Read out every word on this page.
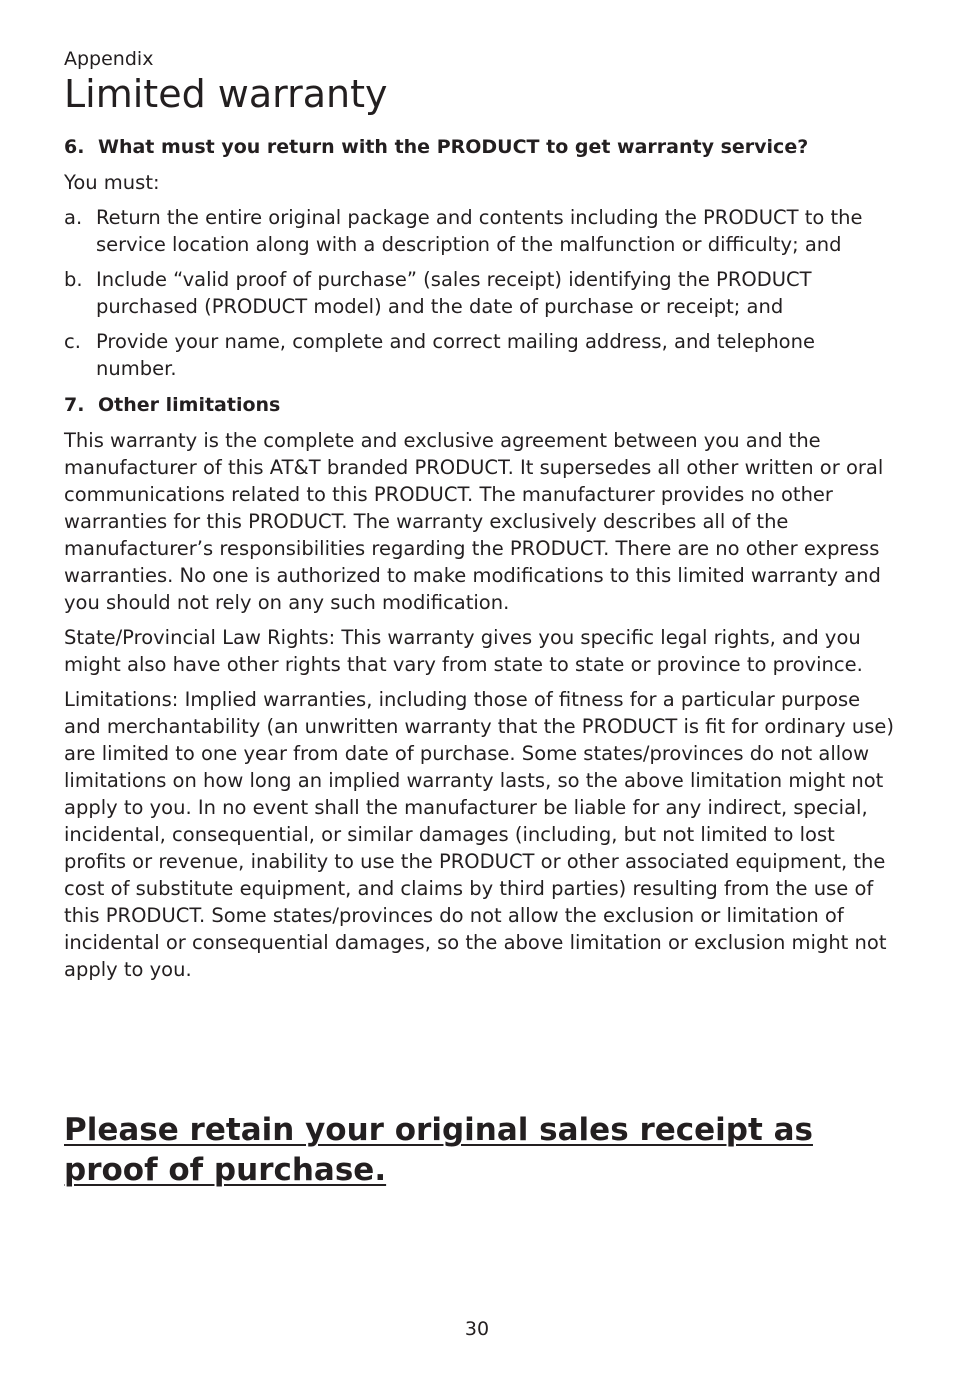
Appendix

Limited warranty
6. What must you return with the PRODUCT to get warranty service?

You must:

a. Return the entire original package and contents including the PRODUCT to the service location along with a description of the malfunction or difficulty; and
b. Include “valid proof of purchase” (sales receipt) identifying the PRODUCT purchased (PRODUCT model) and the date of purchase or receipt; and
c. Provide your name, complete and correct mailing address, and telephone number.
7. Other limitations

This warranty is the complete and exclusive agreement between you and the manufacturer of this AT&T branded PRODUCT. It supersedes all other written or oral communications related to this PRODUCT. The manufacturer provides no other warranties for this PRODUCT. The warranty exclusively describes all of the manufacturer’s responsibilities regarding the PRODUCT. There are no other express warranties. No one is authorized to make modifications to this limited warranty and you should not rely on any such modification.

State/Provincial Law Rights: This warranty gives you specific legal rights, and you might also have other rights that vary from state to state or province to province.

Limitations: Implied warranties, including those of fitness for a particular purpose and merchantability (an unwritten warranty that the PRODUCT is fit for ordinary use) are limited to one year from date of purchase. Some states/provinces do not allow limitations on how long an implied warranty lasts, so the above limitation might not apply to you. In no event shall the manufacturer be liable for any indirect, special, incidental, consequential, or similar damages (including, but not limited to lost profits or revenue, inability to use the PRODUCT or other associated equipment, the cost of substitute equipment, and claims by third parties) resulting from the use of this PRODUCT. Some states/provinces do not allow the exclusion or limitation of incidental or consequential damages, so the above limitation or exclusion might not apply to you.

Please retain your original sales receipt as proof of purchase.

30
